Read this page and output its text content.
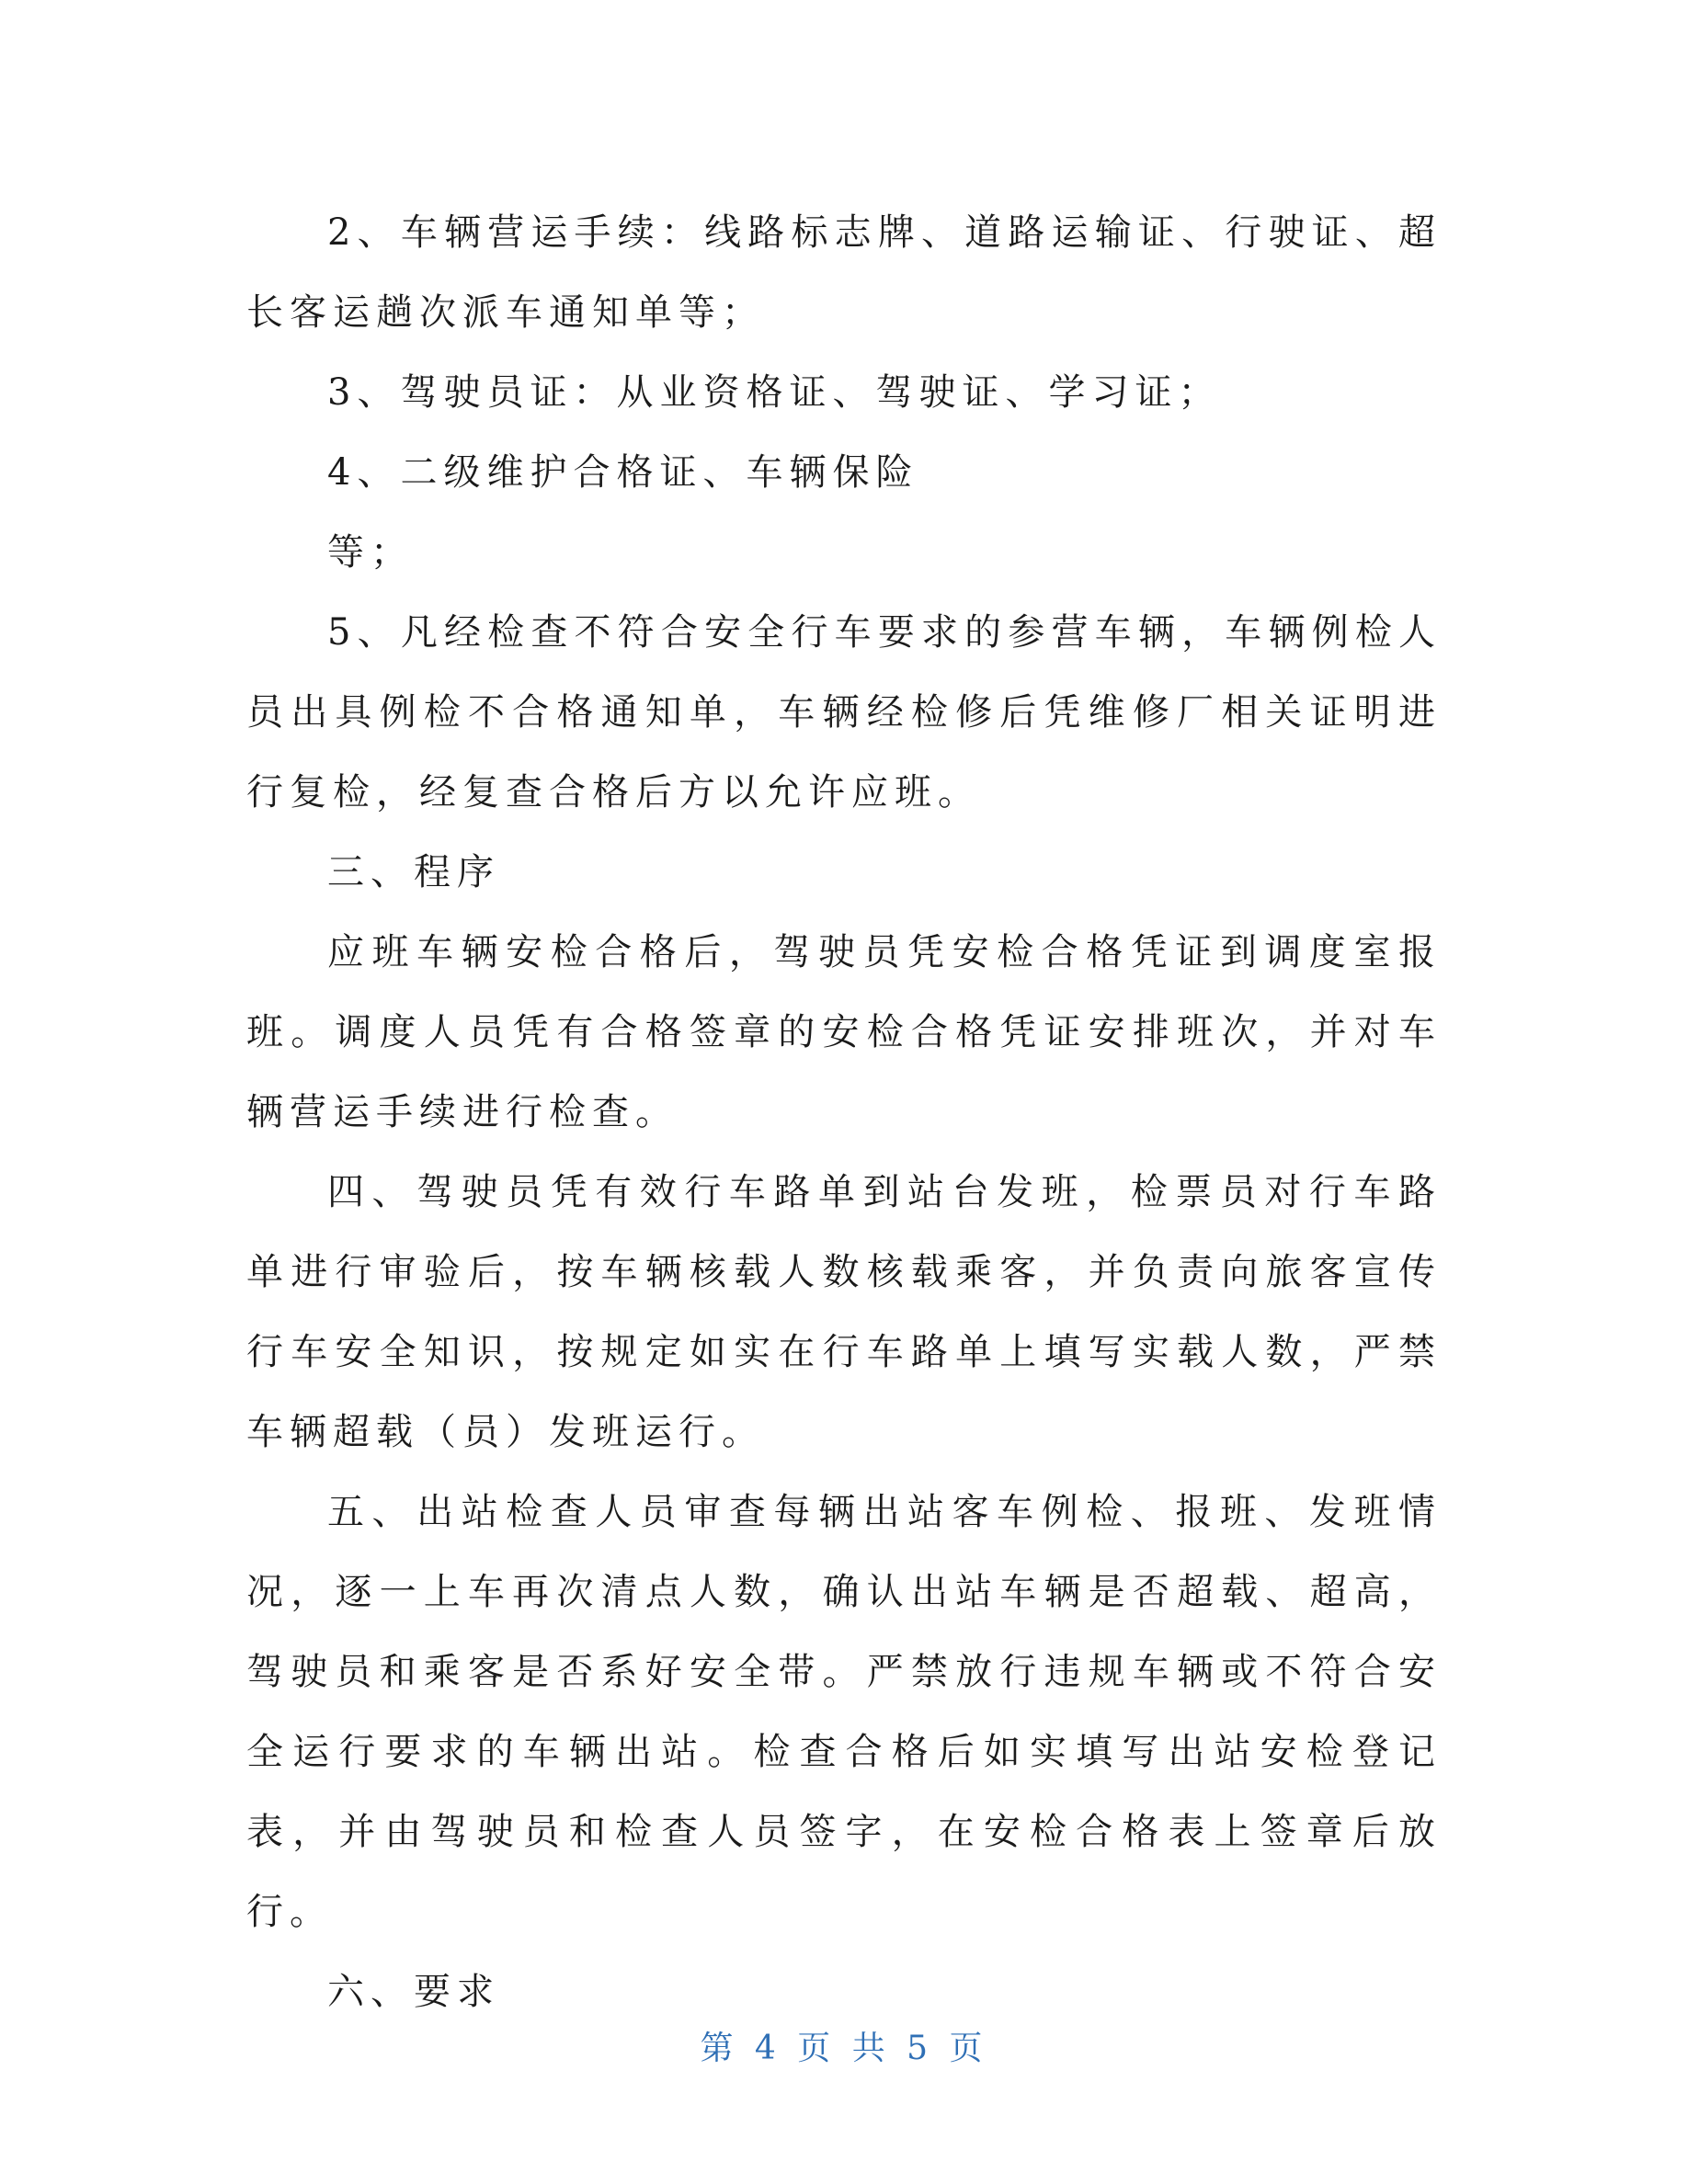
2、车辆营运手续：线路标志牌、道路运输证、行驶证、超长客运趟次派车通知单等；

3、驾驶员证：从业资格证、驾驶证、学习证；

4、二级维护合格证、车辆保险

等；

5、凡经检查不符合安全行车要求的参营车辆，车辆例检人员出具例检不合格通知单，车辆经检修后凭维修厂相关证明进行复检，经复查合格后方以允许应班。

三、程序

应班车辆安检合格后，驾驶员凭安检合格凭证到调度室报班。调度人员凭有合格签章的安检合格凭证安排班次，并对车辆营运手续进行检查。

四、驾驶员凭有效行车路单到站台发班，检票员对行车路单进行审验后，按车辆核载人数核载乘客，并负责向旅客宣传行车安全知识，按规定如实在行车路单上填写实载人数，严禁车辆超载（员）发班运行。

五、出站检查人员审查每辆出站客车例检、报班、发班情况，逐一上车再次清点人数，确认出站车辆是否超载、超高，驾驶员和乘客是否系好安全带。严禁放行违规车辆或不符合安全运行要求的车辆出站。检查合格后如实填写出站安检登记表，并由驾驶员和检查人员签字，在安检合格表上签章后放行。

六、要求

第 4 页 共 5 页
